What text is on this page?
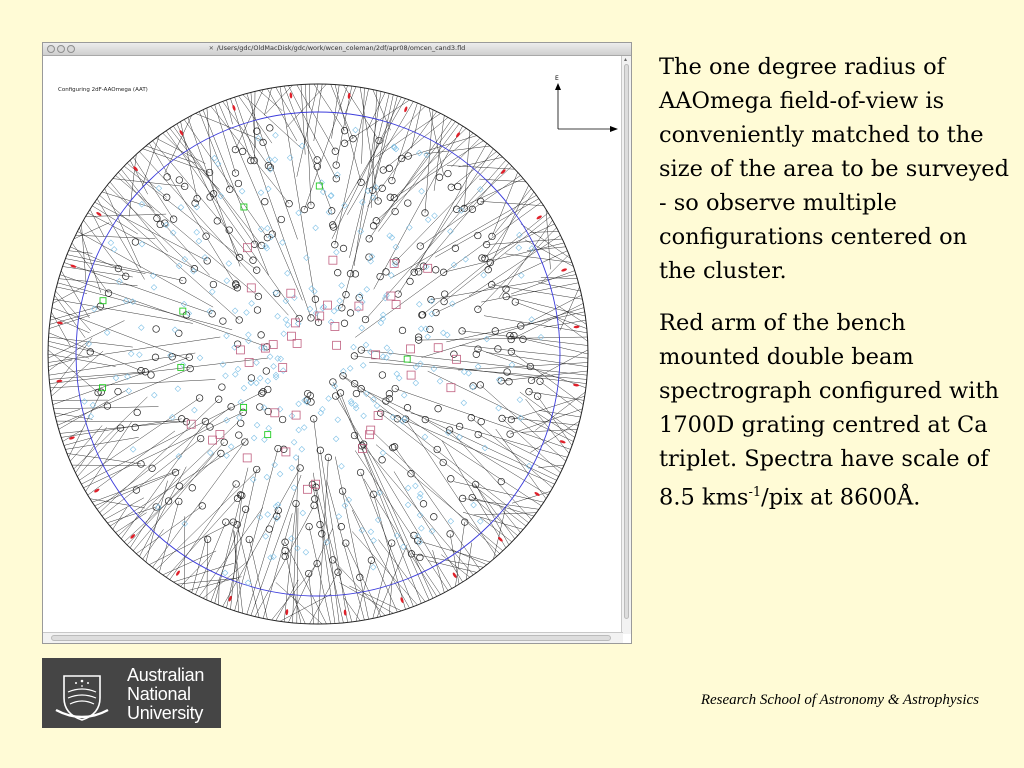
✕ /Users/gdc/OldMacDisk/gdc/work/wcen_coleman/2df/apr08/omcen_cand3.fld
E
Configuring 2dF-AAOmega (AAT)
▴ The one degree radius of AAOmega field-of-view is conveniently matched to the size of the area to be surveyed - so observe multiple configurations centered on the cluster.

Red arm of the bench mounted double beam spectrograph configured with 1700D grating centred at Ca triplet. Spectra have scale of 8.5 kms$^{-1}$/pix at 8600Å.

Australian
National
University
Research School of Astronomy & Astrophysics
